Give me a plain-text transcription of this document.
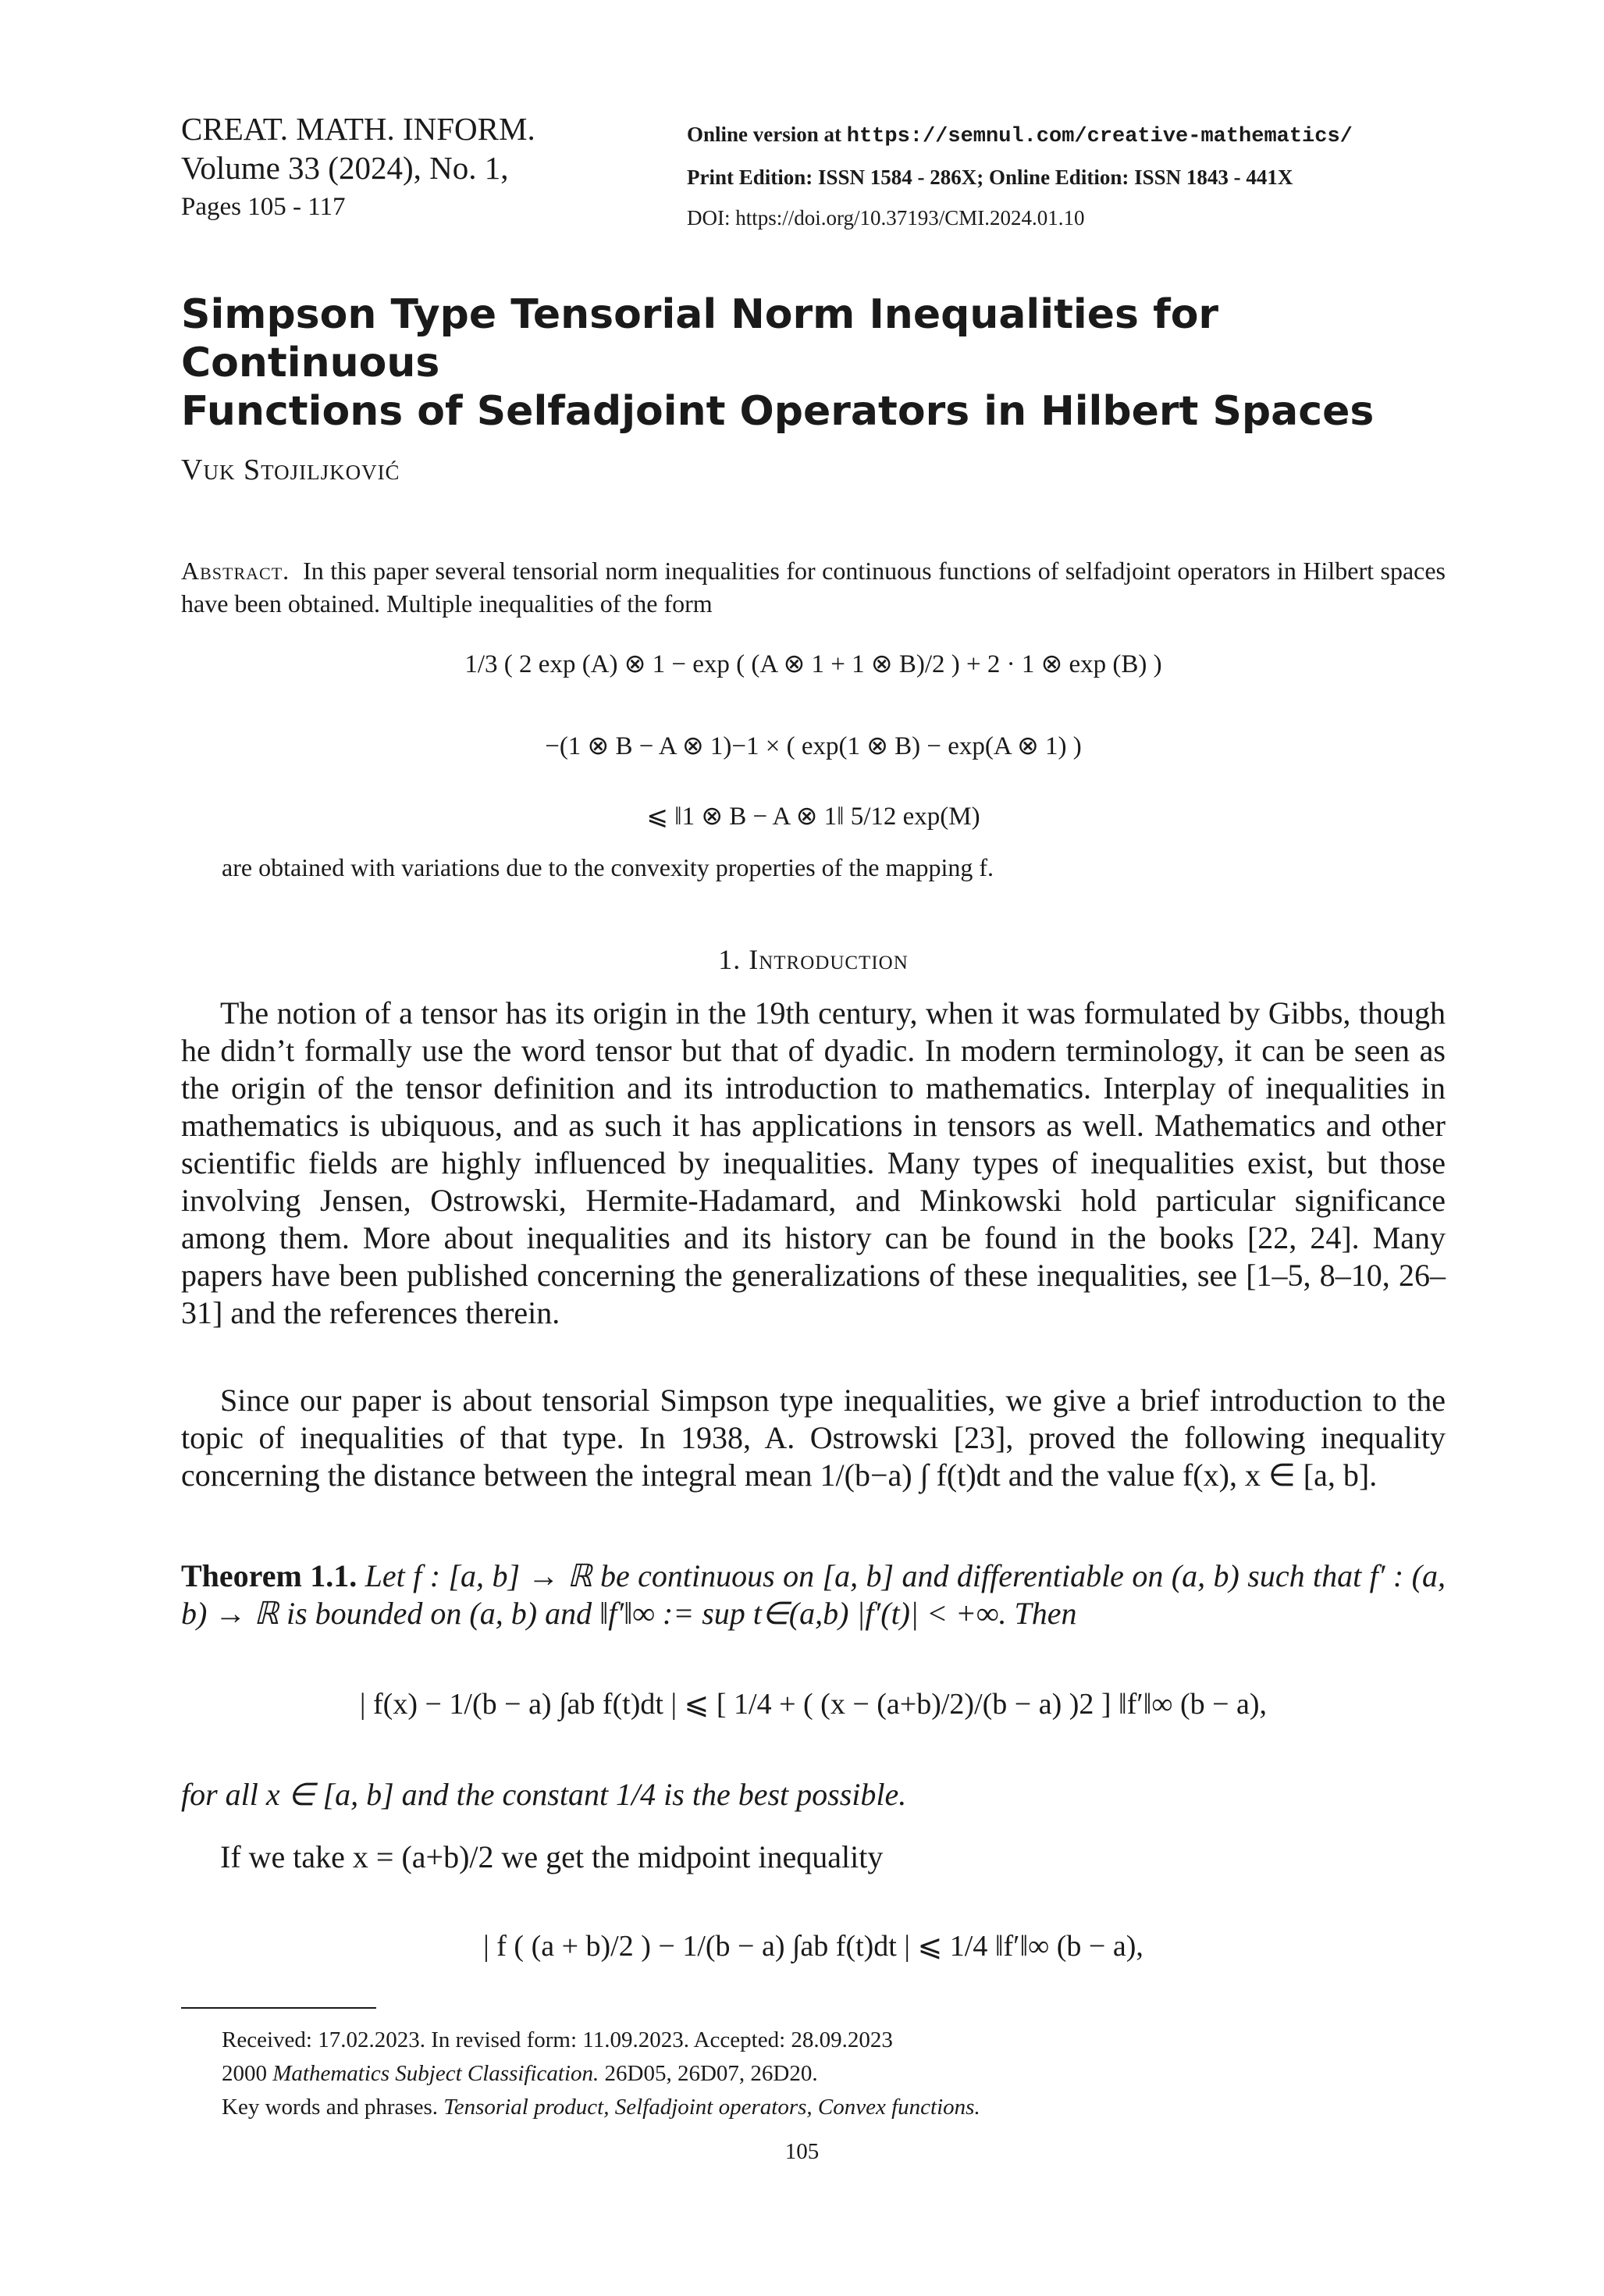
CREAT. MATH. INFORM.
Volume 33 (2024), No. 1,
Pages 105 - 117
Online version at https://semnul.com/creative-mathematics/
Print Edition: ISSN 1584 - 286X; Online Edition: ISSN 1843 - 441X
DOI: https://doi.org/10.37193/CMI.2024.01.10
Simpson Type Tensorial Norm Inequalities for Continuous
Functions of Selfadjoint Operators in Hilbert Spaces
Vuk Stojiljković
Abstract. In this paper several tensorial norm inequalities for continuous functions of selfadjoint operators in Hilbert spaces have been obtained. Multiple inequalities of the form
1/3 ( 2 exp (A) ⊗ 1 − exp ( (A ⊗ 1 + 1 ⊗ B)/2 ) + 2 · 1 ⊗ exp (B) )
−(1 ⊗ B − A ⊗ 1)−1 × ( exp(1 ⊗ B) − exp(A ⊗ 1) )
⩽ ‖1 ⊗ B − A ⊗ 1‖ 5/12 exp(M)
are obtained with variations due to the convexity properties of the mapping f.
1. Introduction
The notion of a tensor has its origin in the 19th century, when it was formulated by Gibbs, though he didn’t formally use the word tensor but that of dyadic. In modern terminology, it can be seen as the origin of the tensor definition and its introduction to mathematics. Interplay of inequalities in mathematics is ubiquous, and as such it has applications in tensors as well. Mathematics and other scientific fields are highly influenced by inequalities. Many types of inequalities exist, but those involving Jensen, Ostrowski, Hermite-Hadamard, and Minkowski hold particular significance among them. More about inequalities and its history can be found in the books [22, 24]. Many papers have been published concerning the generalizations of these inequalities, see [1–5, 8–10, 26–31] and the references therein.
Since our paper is about tensorial Simpson type inequalities, we give a brief introduction to the topic of inequalities of that type. In 1938, A. Ostrowski [23], proved the following inequality concerning the distance between the integral mean 1/(b−a) ∫ f(t)dt and the value f(x), x ∈ [a, b].
Theorem 1.1. Let f : [a, b] → ℝ be continuous on [a, b] and differentiable on (a, b) such that f′ : (a, b) → ℝ is bounded on (a, b) and ‖f′‖∞ := sup t∈(a,b) |f′(t)| < +∞. Then
| f(x) − 1/(b − a) ∫ab f(t)dt | ⩽ [ 1/4 + ( (x − (a+b)/2)/(b − a) )2 ] ‖f′‖∞ (b − a),
for all x ∈ [a, b] and the constant 1/4 is the best possible.
If we take x = (a+b)/2 we get the midpoint inequality
| f ( (a + b)/2 ) − 1/(b − a) ∫ab f(t)dt | ⩽ 1/4 ‖f′‖∞ (b − a),
Received: 17.02.2023. In revised form: 11.09.2023. Accepted: 28.09.2023
2000 Mathematics Subject Classification. 26D05, 26D07, 26D20.
Key words and phrases. Tensorial product, Selfadjoint operators, Convex functions.
105
